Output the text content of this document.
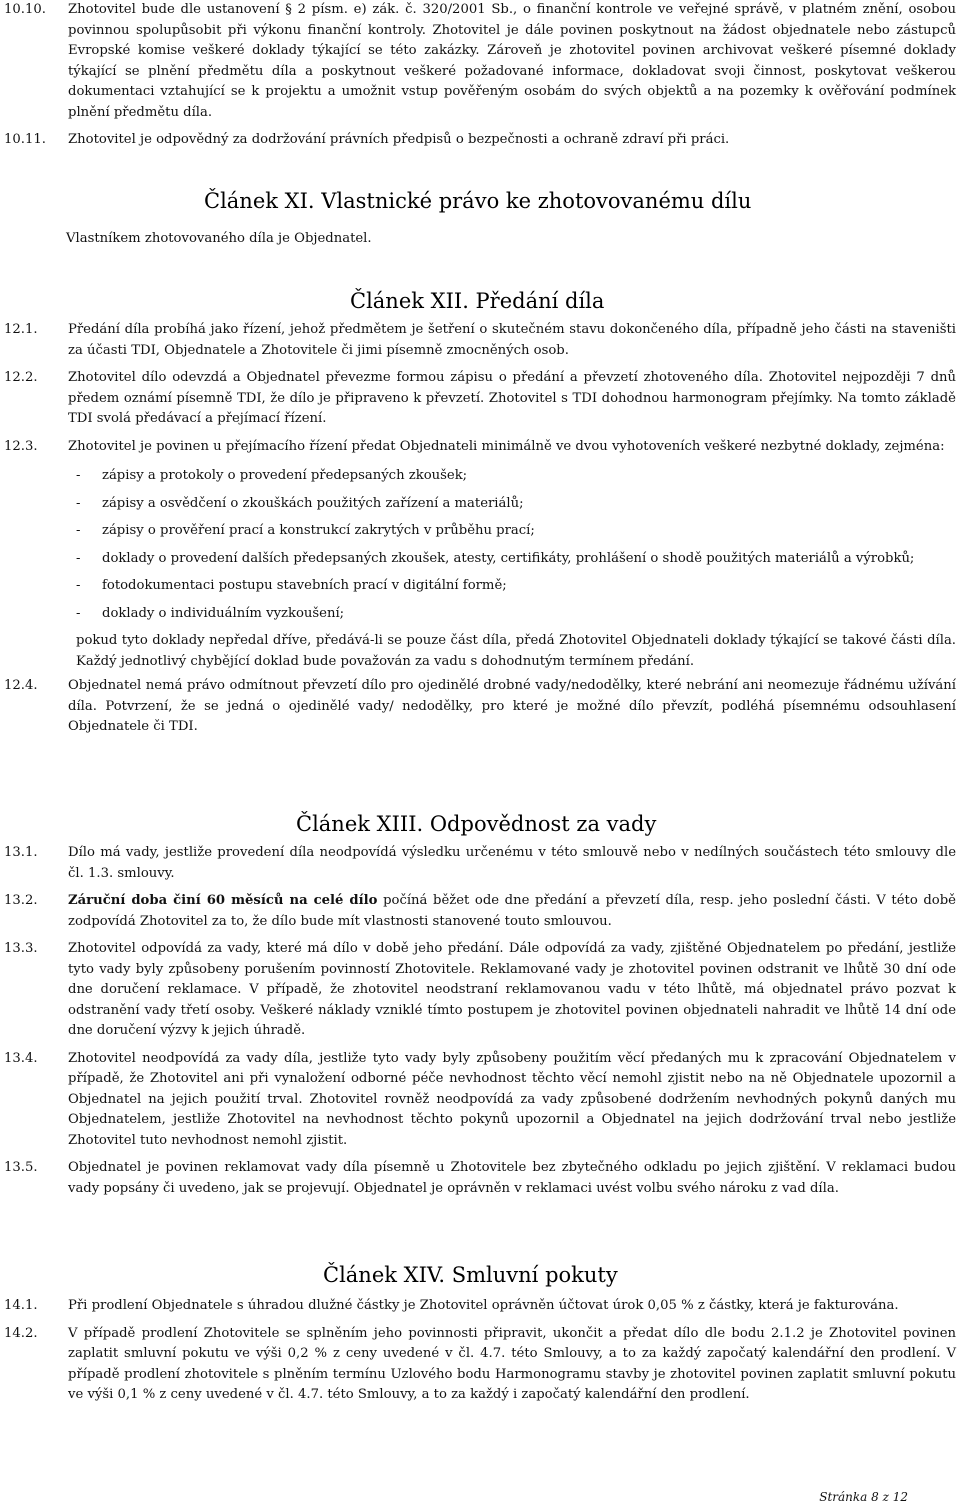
10.10.	Zhotovitel bude dle ustanovení § 2 písm. e) zák. č. 320/2001 Sb., o finanční kontrole ve veřejné správě, v platném znění, osobou povinnou spolupůsobit při výkonu finanční kontroly. Zhotovitel je dále povinen poskytnout na žádost objednatele nebo zástupců Evropské komise veškeré doklady týkající se této zakázky. Zároveň je zhotovitel povinen archivovat veškeré písemné doklady týkající se plnění předmětu díla a poskytnout veškeré požadované informace, dokladovat svoji činnost, poskytovat veškerou dokumentaci vztahující se k projektu a umožnit vstup pověřeným osobám do svých objektů a na pozemky k ověřování podmínek plnění předmětu díla.
10.11.	Zhotovitel je odpovědný za dodržování právních předpisů o bezpečnosti a ochraně zdraví při práci.
Článek XI. Vlastnické právo ke zhotovovanému dílu
Vlastníkem zhotovovaného díla je Objednatel.
Článek XII. Předání díla
12.1.	Předání díla probíhá jako řízení, jehož předmětem je šetření o skutečném stavu dokončeného díla, případně jeho části na staveništi za účasti TDI, Objednatele a Zhotovitele či jimi písemně zmocněných osob.
12.2.	Zhotovitel dílo odevzdá a Objednatel převezme formou zápisu o předání a převzetí zhotoveného díla. Zhotovitel nejpozději 7 dnů předem oznámí písemně TDI, že dílo je připraveno k převzetí. Zhotovitel s TDI dohodnou harmonogram přejímky. Na tomto základě TDI svolá předávací a přejímací řízení.
12.3.	Zhotovitel je povinen u přejímacího řízení předat Objednateli minimálně ve dvou vyhotoveních veškeré nezbytné doklady, zejména:
-	zápisy a protokoly o provedení předepsaných zkoušek;
-	zápisy a osvědčení o zkouškách použitých zařízení a materiálů;
-	zápisy o prověření prací a konstrukcí zakrytých v průběhu prací;
-	doklady o provedení dalších předepsaných zkoušek, atesty, certifikáty, prohlášení o shodě použitých materiálů a výrobků;
-	fotodokumentaci postupu stavebních prací v digitální formě;
-	doklady o individuálním vyzkoušení;
pokud tyto doklady nepředal dříve, předává-li se pouze část díla, předá Zhotovitel Objednateli doklady týkající se takové části díla. Každý jednotlivý chybějící doklad bude považován za vadu s dohodnutým termínem předání.
12.4.	Objednatel nemá právo odmítnout převzetí dílo pro ojedinělé drobné vady/nedodělky, které nebrání ani neomezuje řádnému užívání díla. Potvrzení, že se jedná o ojedinělé vady/ nedodělky, pro které je možné dílo převzít, podléhá písemnému odsouhlasení Objednatele či TDI.
Článek XIII. Odpovědnost za vady
13.1.	Dílo má vady, jestliže provedení díla neodpovídá výsledku určenému v této smlouvě nebo v nedílných součástech této smlouvy dle čl. 1.3. smlouvy.
13.2.	Záruční doba činí 60 měsíců na celé dílo počíná běžet ode dne předání a převzetí díla, resp. jeho poslední části. V této době zodpovídá Zhotovitel za to, že dílo bude mít vlastnosti stanovené touto smlouvou.
13.3.	Zhotovitel odpovídá za vady, které má dílo v době jeho předání. Dále odpovídá za vady, zjištěné Objednatelem po předání, jestliže tyto vady byly způsobeny porušením povinností Zhotovitele. Reklamované vady je zhotovitel povinen odstranit ve lhůtě 30 dní ode dne doručení reklamace. V případě, že zhotovitel neodstraní reklamovanou vadu v této lhůtě, má objednatel právo pozvat k odstranění vady třetí osoby. Veškeré náklady vzniklé tímto postupem je zhotovitel povinen objednateli nahradit ve lhůtě 14 dní ode dne doručení výzvy k jejich úhradě.
13.4.	Zhotovitel neodpovídá za vady díla, jestliže tyto vady byly způsobeny použitím věcí předaných mu k zpracování Objednatelem v případě, že Zhotovitel ani při vynaložení odborné péče nevhodnost těchto věcí nemohl zjistit nebo na ně Objednatele upozornil a Objednatel na jejich použití trval. Zhotovitel rovněž neodpovídá za vady způsobené dodržením nevhodných pokynů daných mu Objednatelem, jestliže Zhotovitel na nevhodnost těchto pokynů upozornil a Objednatel na jejich dodržování trval nebo jestliže Zhotovitel tuto nevhodnost nemohl zjistit.
13.5.	Objednatel je povinen reklamovat vady díla písemně u Zhotovitele bez zbytečného odkladu po jejich zjištění. V reklamaci budou vady popsány či uvedeno, jak se projevují. Objednatel je oprávněn v reklamaci uvést volbu svého nároku z vad díla.
Článek XIV. Smluvní pokuty
14.1.	Při prodlení Objednatele s úhradou dlužné částky je Zhotovitel oprávněn účtovat úrok 0,05 % z částky, která je fakturována.
14.2.	V případě prodlení Zhotovitele se splněním jeho povinnosti připravit, ukončit a předat dílo dle bodu 2.1.2 je Zhotovitel povinen zaplatit smluvní pokutu ve výši 0,2 % z ceny uvedené v čl. 4.7. této Smlouvy, a to za každý započatý kalendářní den prodlení. V případě prodlení zhotovitele s plněním termínu Uzlového bodu Harmonogramu stavby je zhotovitel povinen zaplatit smluvní pokutu ve výši 0,1 % z ceny uvedené v čl. 4.7. této Smlouvy, a to za každý i započatý kalendářní den prodlení.
Stránka 8 z 12
